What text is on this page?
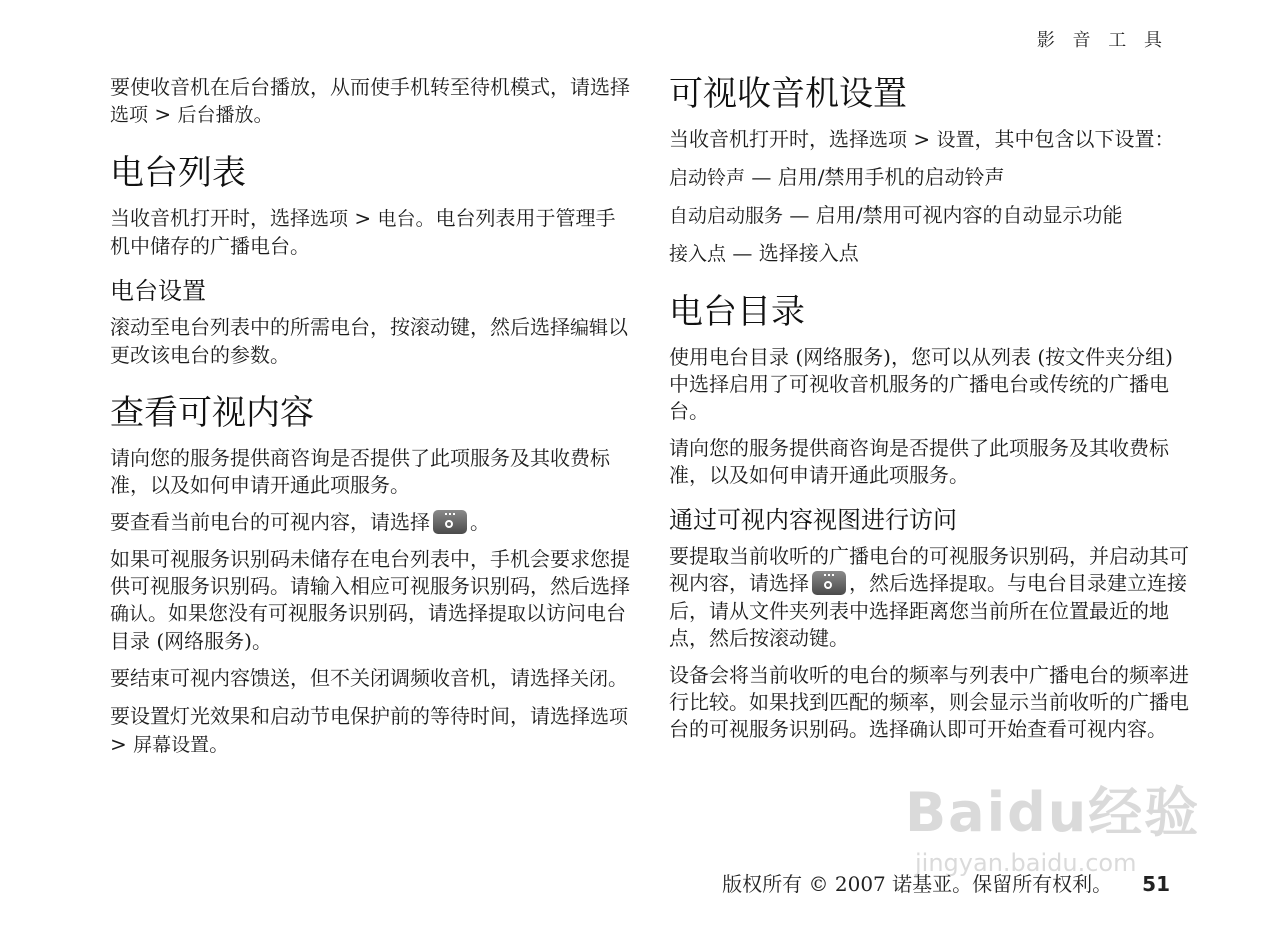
影 音 工 具

要使收音机在后台播放，从而使手机转至待机模式，请选择选项 > 后台播放。

电台列表

当收音机打开时，选择选项 > 电台。电台列表用于管理手机中储存的广播电台。

电台设置

滚动至电台列表中的所需电台，按滚动键，然后选择编辑以更改该电台的参数。

查看可视内容

请向您的服务提供商咨询是否提供了此项服务及其收费标准，以及如何申请开通此项服务。

要查看当前电台的可视内容，请选择 。

如果可视服务识别码未储存在电台列表中，手机会要求您提供可视服务识别码。请输入相应可视服务识别码，然后选择确认。如果您没有可视服务识别码，请选择提取以访问电台目录 (网络服务)。

要结束可视内容馈送，但不关闭调频收音机，请选择关闭。

要设置灯光效果和启动节电保护前的等待时间，请选择选项 > 屏幕设置。

可视收音机设置

当收音机打开时，选择选项 > 设置，其中包含以下设置：

启动铃声 — 启用/禁用手机的启动铃声

自动启动服务 — 启用/禁用可视内容的自动显示功能

接入点 — 选择接入点

电台目录

使用电台目录 (网络服务)，您可以从列表 (按文件夹分组) 中选择启用了可视收音机服务的广播电台或传统的广播电台。

请向您的服务提供商咨询是否提供了此项服务及其收费标准，以及如何申请开通此项服务。

通过可视内容视图进行访问

要提取当前收听的广播电台的可视服务识别码，并启动其可视内容，请选择 ，然后选择提取。与电台目录建立连接后，请从文件夹列表中选择距离您当前所在位置最近的地点，然后按滚动键。

设备会将当前收听的电台的频率与列表中广播电台的频率进行比较。如果找到匹配的频率，则会显示当前收听的广播电台的可视服务识别码。选择确认即可开始查看可视内容。

Baidu经验
jingyan.baidu.com
版权所有 © 2007 诺基亚。保留所有权利。 51
